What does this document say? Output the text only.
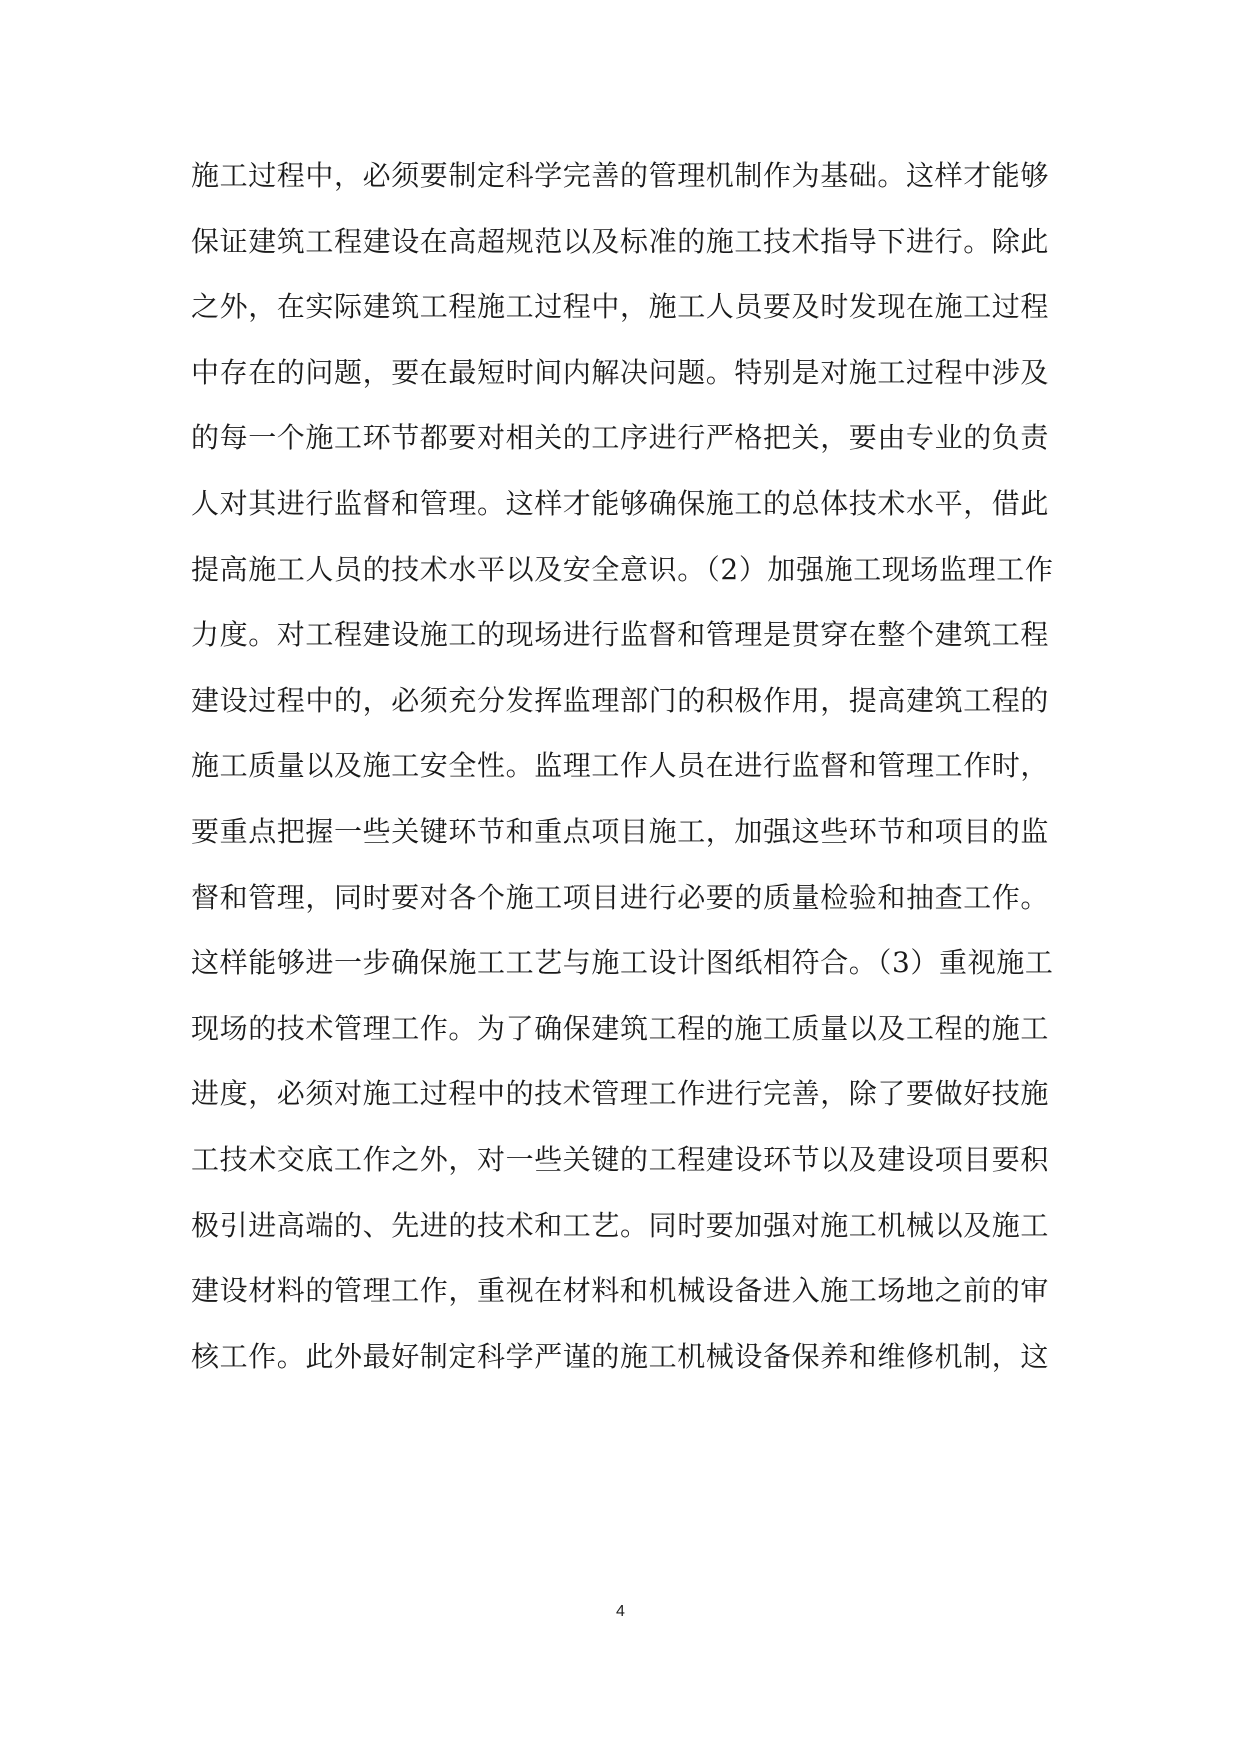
施工过程中，必须要制定科学完善的管理机制作为基础。这样才能够
保证建筑工程建设在高超规范以及标准的施工技术指导下进行。除此
之外，在实际建筑工程施工过程中，施工人员要及时发现在施工过程
中存在的问题，要在最短时间内解决问题。特别是对施工过程中涉及
的每一个施工环节都要对相关的工序进行严格把关，要由专业的负责
人对其进行监督和管理。这样才能够确保施工的总体技术水平，借此
提高施工人员的技术水平以及安全意识。（2）加强施工现场监理工作
力度。对工程建设施工的现场进行监督和管理是贯穿在整个建筑工程
建设过程中的，必须充分发挥监理部门的积极作用，提高建筑工程的
施工质量以及施工安全性。监理工作人员在进行监督和管理工作时，
要重点把握一些关键环节和重点项目施工，加强这些环节和项目的监
督和管理，同时要对各个施工项目进行必要的质量检验和抽查工作。
这样能够进一步确保施工工艺与施工设计图纸相符合。（3）重视施工
现场的技术管理工作。为了确保建筑工程的施工质量以及工程的施工
进度，必须对施工过程中的技术管理工作进行完善，除了要做好技施
工技术交底工作之外，对一些关键的工程建设环节以及建设项目要积
极引进高端的、先进的技术和工艺。同时要加强对施工机械以及施工
建设材料的管理工作，重视在材料和机械设备进入施工场地之前的审
核工作。此外最好制定科学严谨的施工机械设备保养和维修机制，这
4
